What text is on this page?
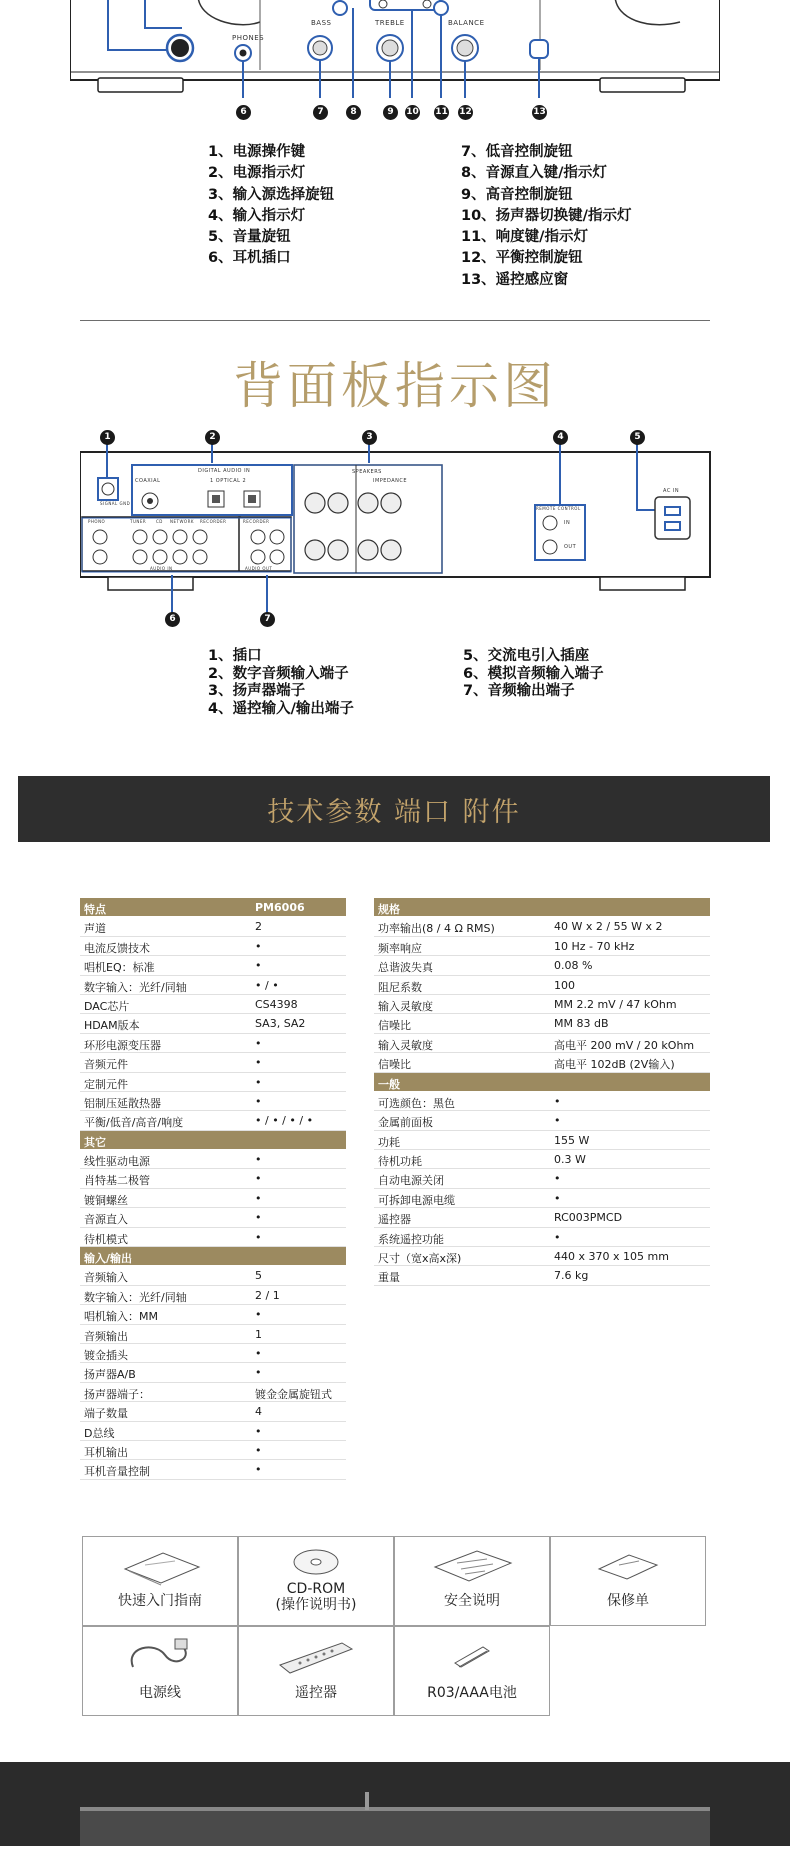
PHONES
BASS	TREBLE	BALANCE
6	7	8	9	10 11 12	13
1、电源操作键
2、电源指示灯
3、输入源选择旋钮
4、输入指示灯
5、音量旋钮
6、耳机插口
7、低音控制旋钮
8、音源直入键/指示灯
9、高音控制旋钮
10、扬声器切换键/指示灯
11、响度键/指示灯
12、平衡控制旋钮
13、遥控感应窗
背面板指示图
1	2	3	4	5
6	7
DIGITAL AUDIO IN
COAXIAL	1 OPTICAL 2
SIGNAL GND
SPEAKERS
IMPEDANCE
REMOTE CONTROL
IN
OUT
AC IN
PHONO	TUNER CD NETWORK RECORDER	RECORDER
AUDIO IN	AUDIO OUT
1、插口
2、数字音频输入端子
3、扬声器端子
4、遥控输入/输出端子
5、交流电引入插座
6、模拟音频输入端子
7、音频输出端子
技术参数 端口 附件
特点	PM6006
声道	2
电流反馈技术	•
唱机EQ：标准	•
数字输入：光纤/同轴	• / •
DAC芯片	CS4398
HDAM版本	SA3, SA2
环形电源变压器	•
音频元件	•
定制元件	•
铝制压延散热器	•
平衡/低音/高音/响度	• / • / • / •
其它
线性驱动电源	•
肖特基二极管	•
镀铜螺丝	•
音源直入	•
待机模式	•
输入/输出
音频输入	5
数字输入：光纤/同轴	2 / 1
唱机输入：MM	•
音频输出	1
镀金插头	•
扬声器A/B	•
扬声器端子：	镀金金属旋钮式
端子数量	4
D总线	•
耳机输出	•
耳机音量控制	•
规格
功率输出(8 / 4 Ω RMS)	40 W x 2 / 55 W x 2
频率响应	10 Hz - 70 kHz
总谐波失真	0.08 %
阻尼系数	100
输入灵敏度	MM 2.2 mV / 47 kOhm
信噪比	MM 83 dB
输入灵敏度	高电平 200 mV / 20 kOhm
信噪比	高电平 102dB (2V输入)
一般
可选颜色：黑色	•
金属前面板	•
功耗	155 W
待机功耗	0.3 W
自动电源关闭	•
可拆卸电源电缆	•
遥控器	RC003PMCD
系统遥控功能	•
尺寸（宽x高x深)	440 x 370 x 105 mm
重量	7.6 kg
快速入门指南
CD-ROM
(操作说明书)	安全说明	保修单
电源线	遥控器	R03/AAA电池
